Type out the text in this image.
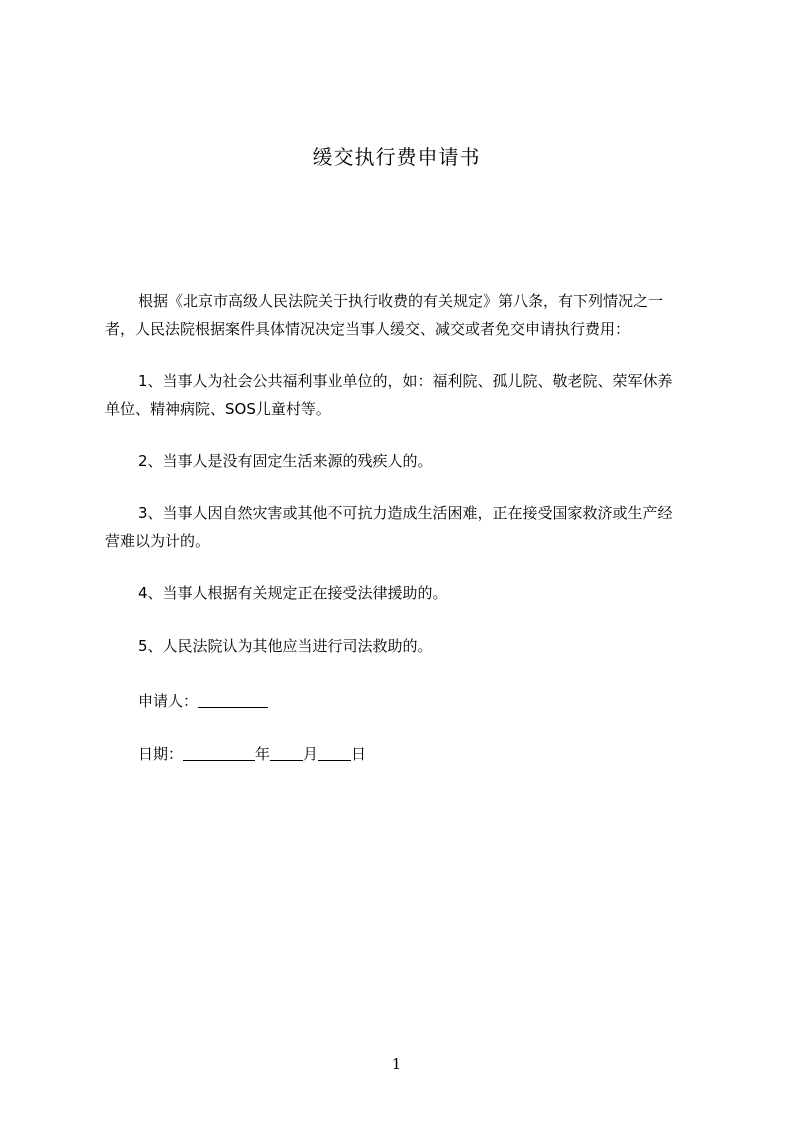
缓交执行费申请书
根据《北京市高级人民法院关于执行收费的有关规定》第八条，有下列情况之一者，人民法院根据案件具体情况决定当事人缓交、减交或者免交申请执行费用：
1、当事人为社会公共福利事业单位的，如：福利院、孤儿院、敬老院、荣军休养单位、精神病院、SOS儿童村等。
2、当事人是没有固定生活来源的残疾人的。
3、当事人因自然灾害或其他不可抗力造成生活困难，正在接受国家救济或生产经营难以为计的。
4、当事人根据有关规定正在接受法律援助的。
5、人民法院认为其他应当进行司法救助的。
申请人：
日期：	年 月 日
1
